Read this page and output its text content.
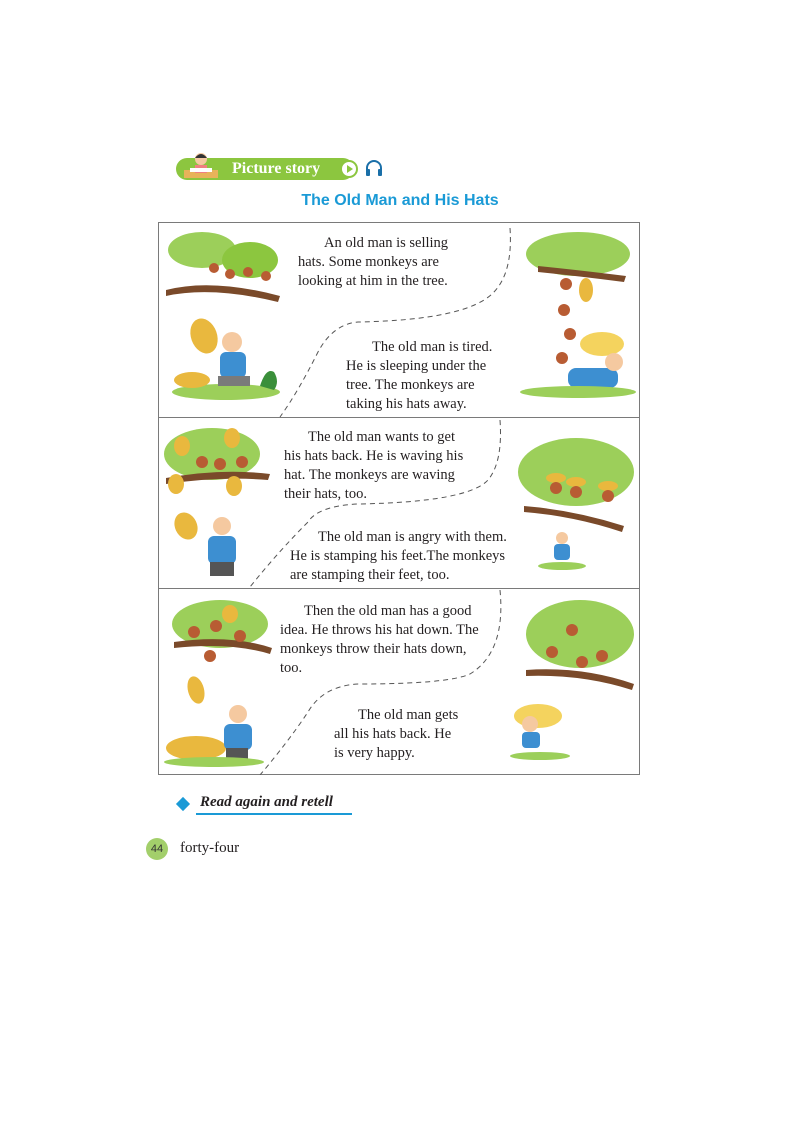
Picture story
The Old Man and His Hats
An old man is selling
hats. Some monkeys are
looking at him in the tree.
The old man is tired.
He is sleeping under the
tree. The monkeys are
taking his hats away.
The old man wants to get
his hats back. He is waving his
hat. The monkeys are waving
their hats, too.
The old man is angry with them.
He is stamping his feet.The monkeys
are stamping their feet, too.
Then the old man has a good
idea. He throws his hat down. The
monkeys throw their hats down,
too.
The old man gets
all his hats back. He
is very happy.
Read again and retell
44	forty-four
